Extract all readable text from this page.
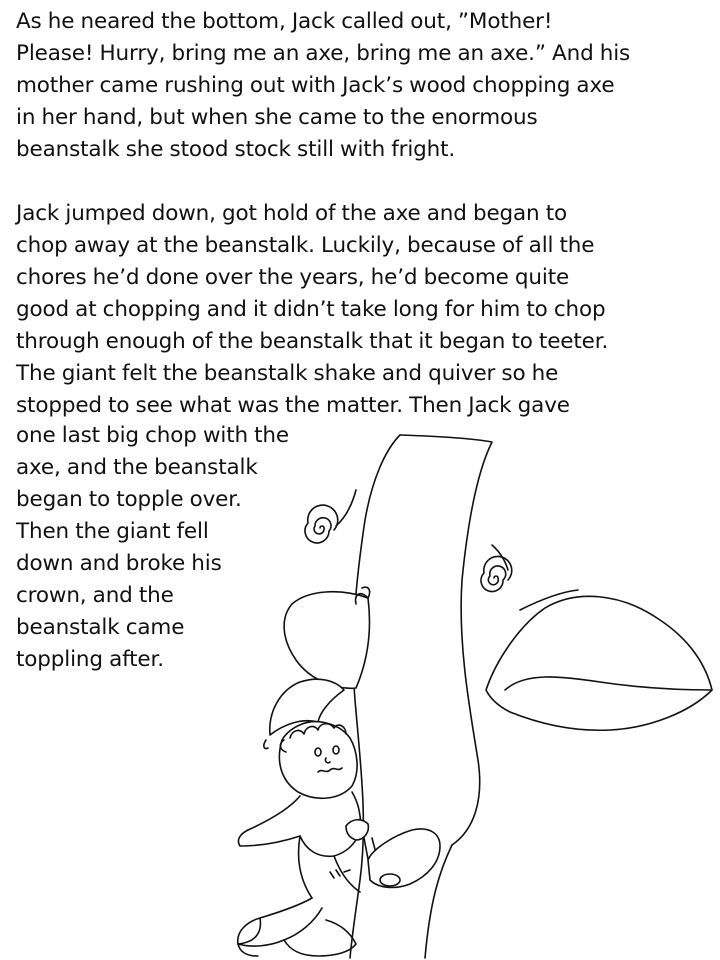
As he neared the bottom, Jack called out, ”Mother!
Please! Hurry, bring me an axe, bring me an axe.” And his
mother came rushing out with Jack’s wood chopping axe
in her hand, but when she came to the enormous
beanstalk she stood stock still with fright.

Jack jumped down, got hold of the axe and began to
chop away at the beanstalk. Luckily, because of all the
chores he’d done over the years, he’d become quite
good at chopping and it didn’t take long for him to chop
through enough of the beanstalk that it began to teeter.
The giant felt the beanstalk shake and quiver so he
stopped to see what was the matter. Then Jack gave

one last big chop with the
axe, and the beanstalk
began to topple over.
Then the giant fell
down and broke his
crown, and the
beanstalk came
toppling after.
